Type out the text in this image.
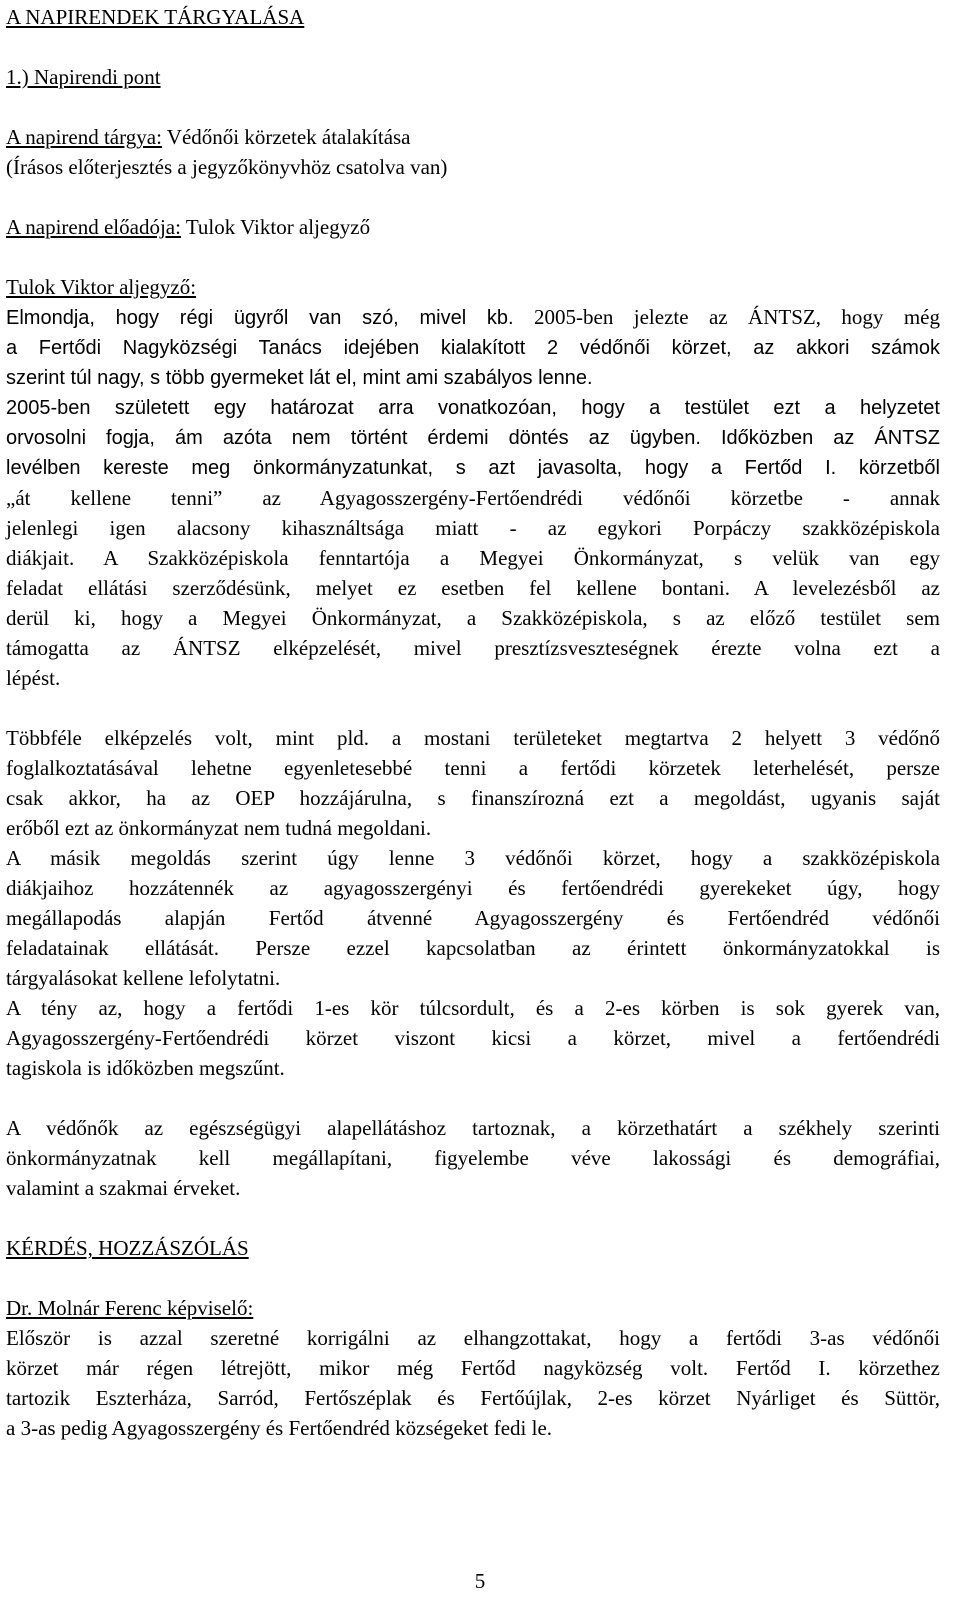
A NAPIRENDEK TÁRGYALÁSA
1.) Napirendi pont
A napirend tárgya: Védőnői körzetek átalakítása
(Írásos előterjesztés a jegyzőkönyvhöz csatolva van)
A napirend előadója: Tulok Viktor aljegyző
Tulok Viktor aljegyző:
Elmondja, hogy régi ügyről van szó, mivel kb. 2005-ben jelezte az ÁNTSZ, hogy még
a Fertődi Nagyközségi Tanács idejében kialakított 2 védőnői körzet, az akkori számok
szerint túl nagy, s több gyermeket lát el, mint ami szabályos lenne.
2005-ben született egy határozat arra vonatkozóan, hogy a testület ezt a helyzetet
orvosolni fogja, ám azóta nem történt érdemi döntés az ügyben. Időközben az ÁNTSZ
levélben kereste meg önkormányzatunkat, s azt javasolta, hogy a Fertőd I. körzetből
„át kellene tenni” az Agyagosszergény-Fertőendrédi védőnői körzetbe - annak
jelenlegi igen alacsony kihasználtsága miatt - az egykori Porpáczy szakközépiskola
diákjait. A Szakközépiskola fenntartója a Megyei Önkormányzat, s velük van egy
feladat ellátási szerződésünk, melyet ez esetben fel kellene bontani. A levelezésből az
derül ki, hogy a Megyei Önkormányzat, a Szakközépiskola, s az előző testület sem
támogatta az ÁNTSZ elképzelését, mivel presztízsveszteségnek érezte volna ezt a
lépést.
Többféle elképzelés volt, mint pld. a mostani területeket megtartva 2 helyett 3 védőnő
foglalkoztatásával lehetne egyenletesebbé tenni a fertődi körzetek leterhelését, persze
csak akkor, ha az OEP hozzájárulna, s finanszírozná ezt a megoldást, ugyanis saját
erőből ezt az önkormányzat nem tudná megoldani.
A másik megoldás szerint úgy lenne 3 védőnői körzet, hogy a szakközépiskola
diákjaihoz hozzátennék az agyagosszergényi és fertőendrédi gyerekeket úgy, hogy
megállapodás alapján Fertőd átvenné Agyagosszergény és Fertőendréd védőnői
feladatainak ellátását. Persze ezzel kapcsolatban az érintett önkormányzatokkal is
tárgyalásokat kellene lefolytatni.
A tény az, hogy a fertődi 1-es kör túlcsordult, és a 2-es körben is sok gyerek van,
Agyagosszergény-Fertőendrédi körzet viszont kicsi a körzet, mivel a fertőendrédi
tagiskola is időközben megszűnt.
A védőnők az egészségügyi alapellátáshoz tartoznak, a körzethatárt a székhely szerinti
önkormányzatnak kell megállapítani, figyelembe véve lakossági és demográfiai,
valamint a szakmai érveket.
KÉRDÉS, HOZZÁSZÓLÁS
Dr. Molnár Ferenc képviselő:
Először is azzal szeretné korrigálni az elhangzottakat, hogy a fertődi 3-as védőnői
körzet már régen létrejött, mikor még Fertőd nagyközség volt. Fertőd I. körzethez
tartozik Eszterháza, Sarród, Fertőszéplak és Fertőújlak, 2-es körzet Nyárliget és Süttör,
a 3-as pedig Agyagosszergény és Fertőendréd községeket fedi le.
5
